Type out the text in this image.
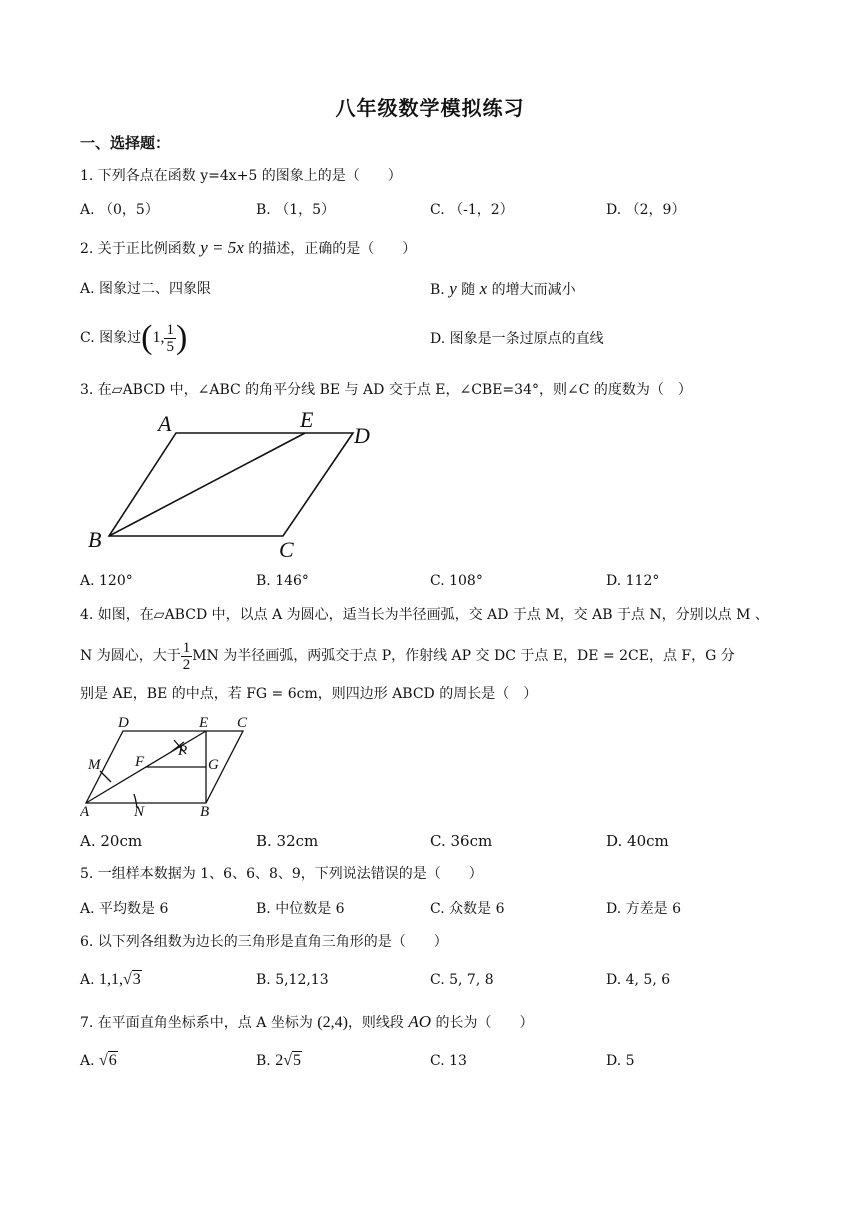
八年级数学模拟练习
一、选择题：
1. 下列各点在函数 y=4x+5 的图象上的是（　　）
A. （0，5）	B. （1，5）	C. （-1，2）	D. （2，9）
2. 关于正比例函数 y = 5x 的描述，正确的是（　　）
A. 图象过二、四象限	B. y 随 x 的增大而减小
C. 图象过(1, $\frac{1}{5}$ )	D. 图象是一条过原点的直线
3. 在▱ABCD 中，∠ABC 的角平分线 BE 与 AD 交于点 E，∠CBE=34°，则∠C 的度数为（　）
A	E
D
B	C
A. 120°	B. 146°	C. 108°	D. 112°
4. 如图，在▱ABCD 中，以点 A 为圆心，适当长为半径画弧，交 AD 于点 M，交 AB 于点 N，分别以点 M 、
N 为圆心，大于 $\frac{1}{2}$ MN 为半径画弧，两弧交于点 P，作射线 AP 交 DC 于点 E，DE = 2CE，点 F，G 分
别是 AE，BE 的中点，若 FG = 6cm，则四边形 ABCD 的周长是（　）
D	E C
M F
P
G
A	N	B
A. 20cm	B. 32cm	C. 36cm	D. 40cm
5. 一组样本数据为 1、6、6、8、9，下列说法错误的是（　　）
A. 平均数是 6	B. 中位数是 6	C. 众数是 6	D. 方差是 6
6. 以下列各组数为边长的三角形是直角三角形的是（　　）
A. 1,1,√3	B. 5,12,13	C. 5, 7, 8	D. 4, 5, 6
7. 在平面直角坐标系中，点 A 坐标为 (2,4)，则线段 AO 的长为（　　）
A. √6	B. 2√5	C. 13	D. 5
